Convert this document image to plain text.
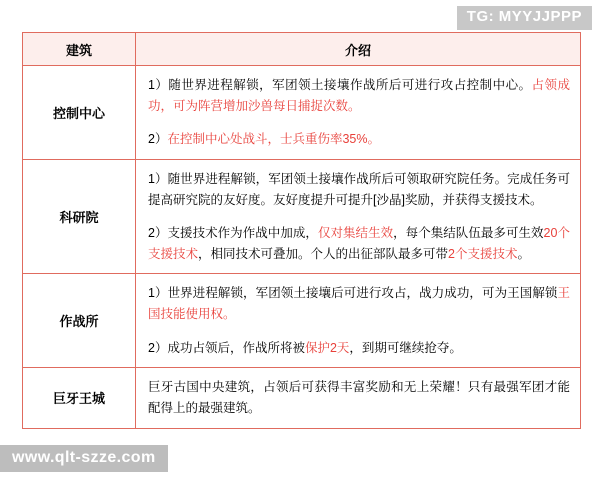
TG: MYYJJPPP
建筑	介绍
控制中心	1）随世界进程解锁，军团领土接壤作战所后可进行攻占控制中心。占领成功，可为阵营增加沙兽每日捕捉次数。
2）在控制中心处战斗，士兵重伤率35%。

科研院	1）随世界进程解锁，军团领土接壤作战所后可领取研究院任务。完成任务可提高研究院的友好度。友好度提升可提升[沙晶]奖励，并获得支援技术。
2）支援技术作为作战中加成，仅对集结生效，每个集结队伍最多可生效20个支援技术，相同技术可叠加。个人的出征部队最多可带2个支援技术。

作战所	1）世界进程解锁，军团领土接壤后可进行攻占，战力成功，可为王国解锁王国技能使用权。
2）成功占领后，作战所将被保护2天，到期可继续抢夺。

巨牙王城	巨牙古国中央建筑，占领后可获得丰富奖励和无上荣耀！只有最强军团才能配得上的最强建筑。
www.qlt-szze.com
